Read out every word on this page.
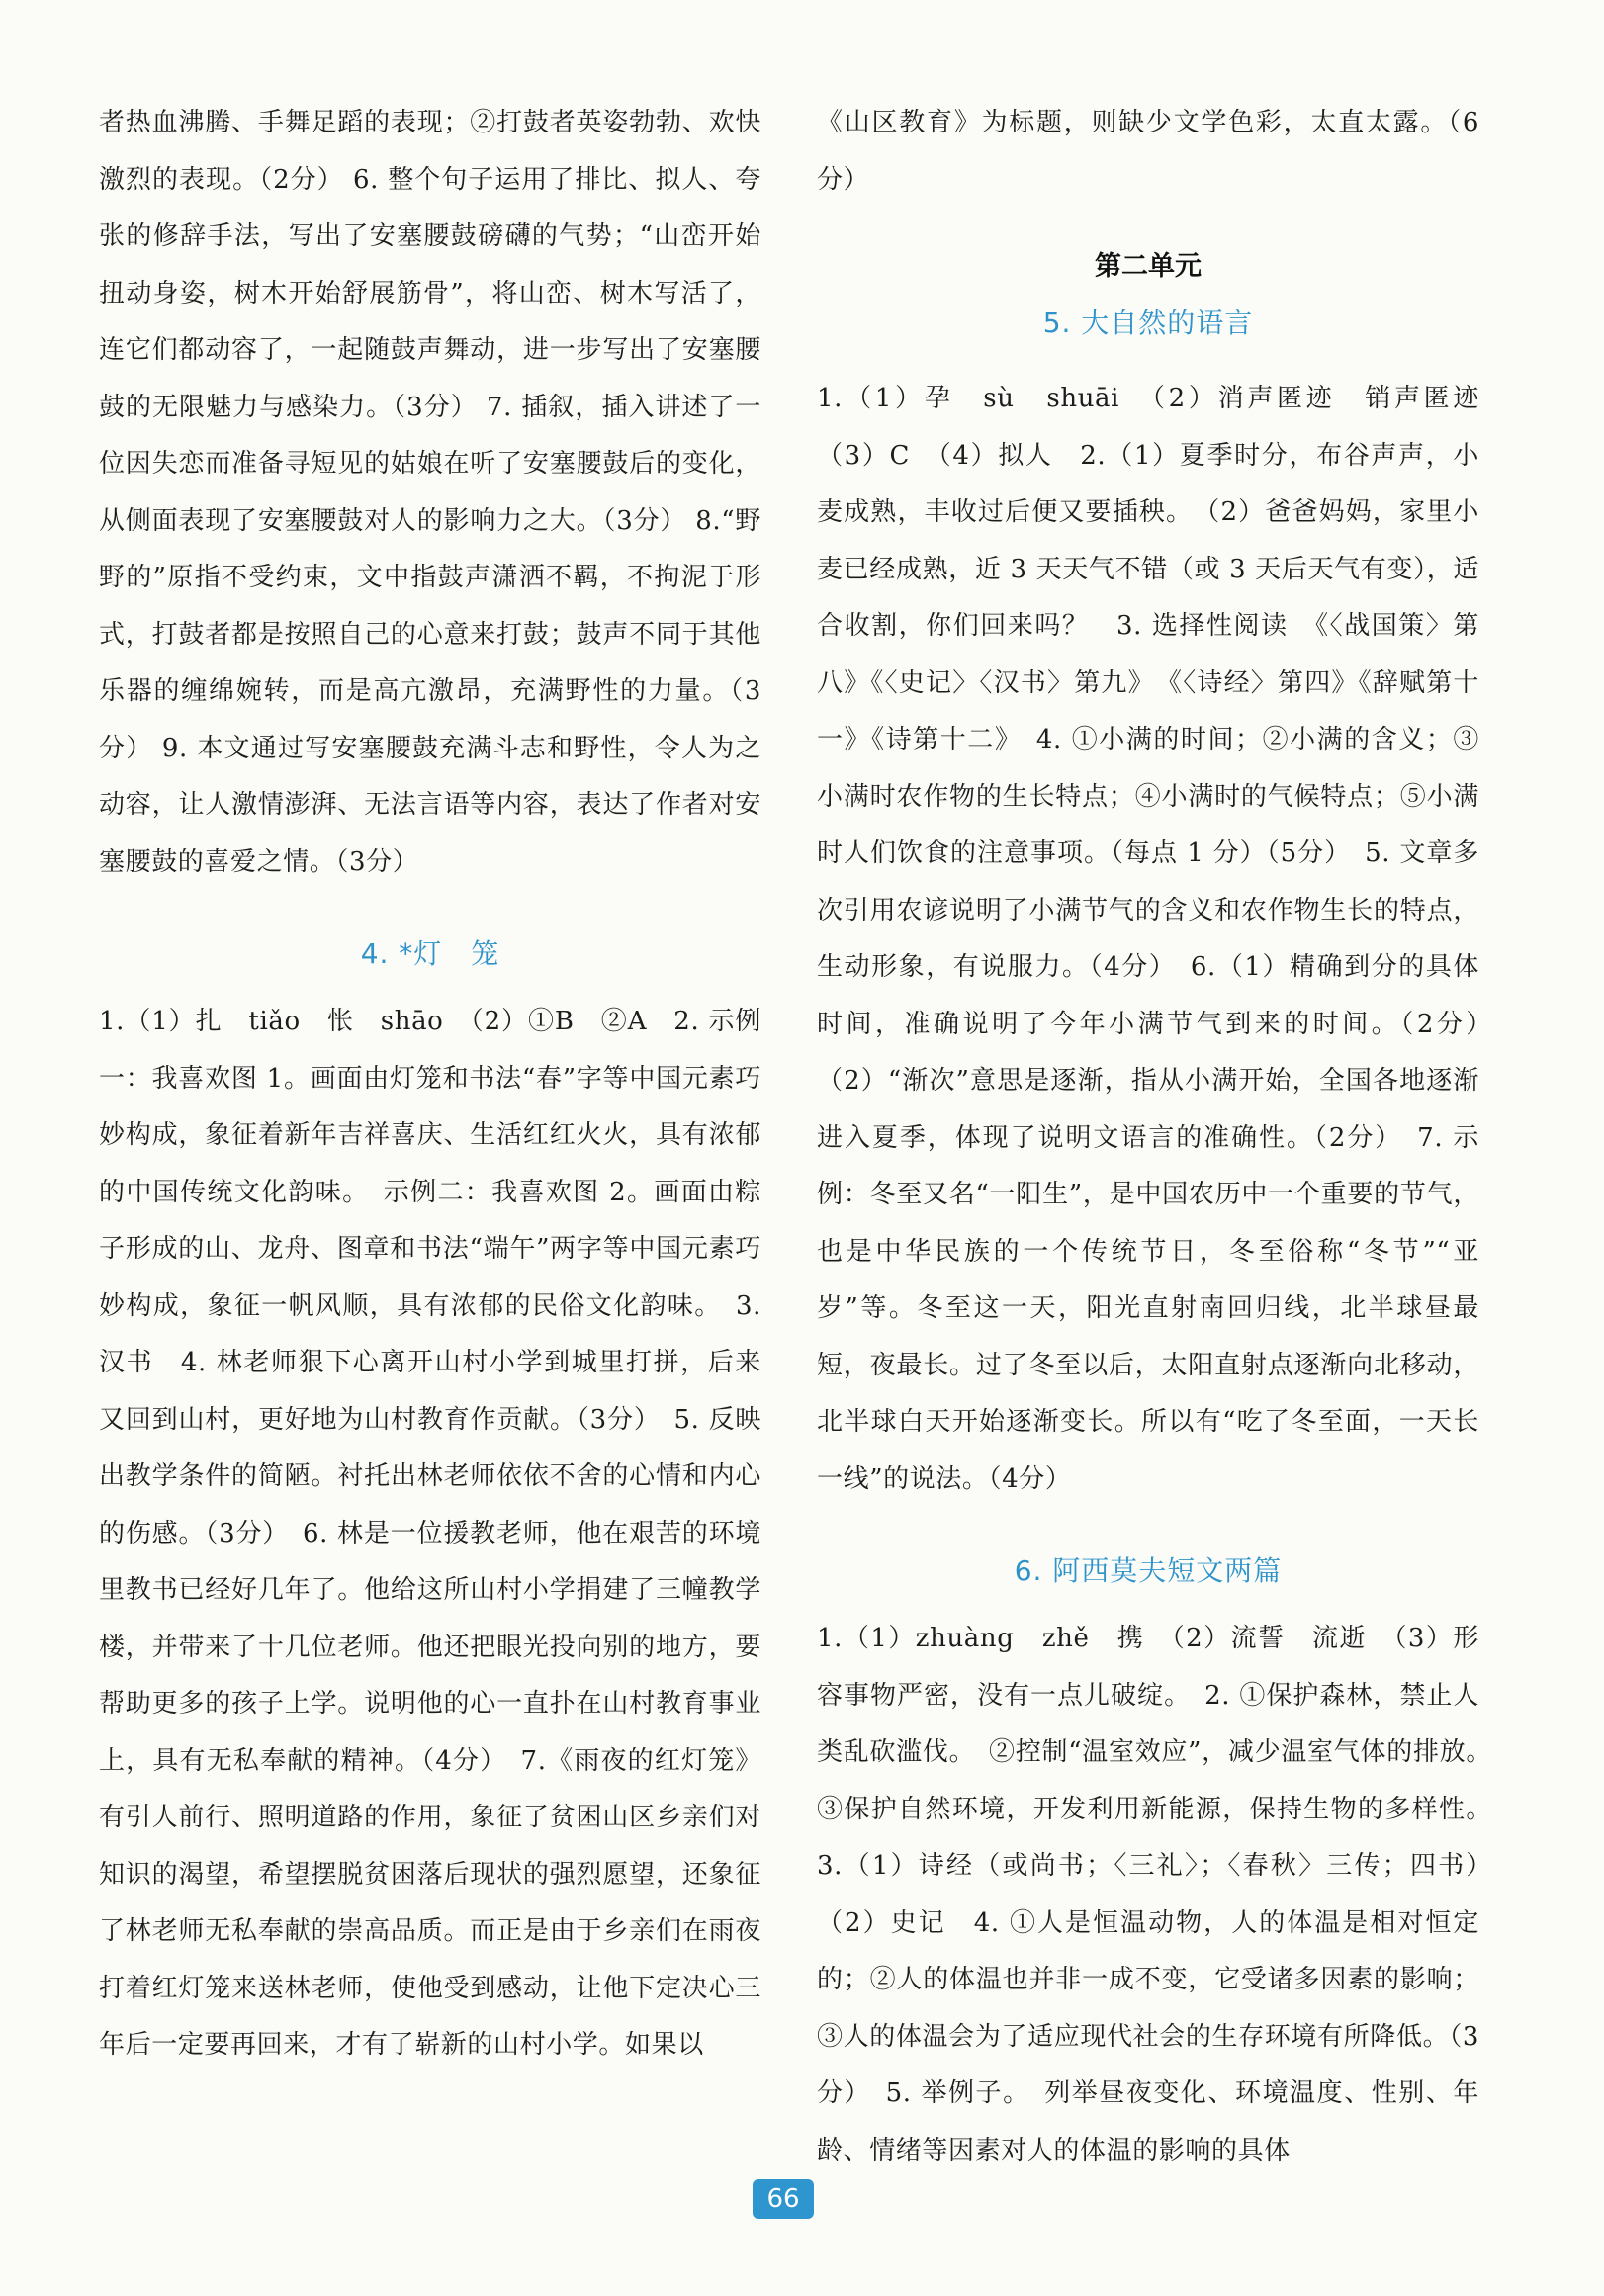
者热血沸腾、手舞足蹈的表现；②打鼓者英姿勃勃、欢快激烈的表现。（2分） 6. 整个句子运用了排比、拟人、夸张的修辞手法，写出了安塞腰鼓磅礴的气势；“山峦开始扭动身姿，树木开始舒展筋骨”，将山峦、树木写活了，连它们都动容了，一起随鼓声舞动，进一步写出了安塞腰鼓的无限魅力与感染力。（3分） 7. 插叙，插入讲述了一位因失恋而准备寻短见的姑娘在听了安塞腰鼓后的变化，从侧面表现了安塞腰鼓对人的影响力之大。（3分） 8.“野野的”原指不受约束，文中指鼓声潇洒不羁，不拘泥于形式，打鼓者都是按照自己的心意来打鼓；鼓声不同于其他乐器的缠绵婉转，而是高亢激昂，充满野性的力量。（3分） 9. 本文通过写安塞腰鼓充满斗志和野性，令人为之动容，让人激情澎湃、无法言语等内容，表达了作者对安塞腰鼓的喜爱之情。（3分）

4. *灯　笼

1.（1）扎　tiǎo　怅　shāo　（2）①B　②A　2. 示例一：我喜欢图 1。画面由灯笼和书法“春”字等中国元素巧妙构成，象征着新年吉祥喜庆、生活红红火火，具有浓郁的中国传统文化韵味。　示例二：我喜欢图 2。画面由粽子形成的山、龙舟、图章和书法“端午”两字等中国元素巧妙构成，象征一帆风顺，具有浓郁的民俗文化韵味。　3. 汉书　4. 林老师狠下心离开山村小学到城里打拼，后来又回到山村，更好地为山村教育作贡献。（3分）　5. 反映出教学条件的简陋。衬托出林老师依依不舍的心情和内心的伤感。（3分）　6. 林是一位援教老师，他在艰苦的环境里教书已经好几年了。他给这所山村小学捐建了三幢教学楼，并带来了十几位老师。他还把眼光投向别的地方，要帮助更多的孩子上学。说明他的心一直扑在山村教育事业上，具有无私奉献的精神。（4分）　7.《雨夜的红灯笼》有引人前行、照明道路的作用，象征了贫困山区乡亲们对知识的渴望，希望摆脱贫困落后现状的强烈愿望，还象征了林老师无私奉献的崇高品质。而正是由于乡亲们在雨夜打着红灯笼来送林老师，使他受到感动，让他下定决心三年后一定要再回来，才有了崭新的山村小学。如果以

《山区教育》为标题，则缺少文学色彩，太直太露。（6分）

第二单元
5. 大自然的语言

1.（1）孕　sù　shuāi　（2）消声匿迹　销声匿迹　（3）C　（4）拟人　2.（1）夏季时分，布谷声声，小麦成熟，丰收过后便又要插秧。　（2）爸爸妈妈，家里小麦已经成熟，近 3 天天气不错（或 3 天后天气有变），适合收割，你们回来吗？　3. 选择性阅读　《〈战国策〉第八》《〈史记〉〈汉书〉第九》　《〈诗经〉第四》《辞赋第十一》《诗第十二》　4. ①小满的时间；②小满的含义；③小满时农作物的生长特点；④小满时的气候特点；⑤小满时人们饮食的注意事项。（每点 1 分）（5分）　5. 文章多次引用农谚说明了小满节气的含义和农作物生长的特点，生动形象，有说服力。（4分）　6.（1）精确到分的具体时间，准确说明了今年小满节气到来的时间。（2分）　（2）“渐次”意思是逐渐，指从小满开始，全国各地逐渐进入夏季，体现了说明文语言的准确性。（2分）　7. 示例：冬至又名“一阳生”，是中国农历中一个重要的节气，也是中华民族的一个传统节日，冬至俗称“冬节”“亚岁”等。冬至这一天，阳光直射南回归线，北半球昼最短，夜最长。过了冬至以后，太阳直射点逐渐向北移动，北半球白天开始逐渐变长。所以有“吃了冬至面，一天长一线”的说法。（4分）

6. 阿西莫夫短文两篇

1.（1）zhuàng　zhě　携　（2）流誓　流逝　（3）形容事物严密，没有一点儿破绽。　2. ①保护森林，禁止人类乱砍滥伐。　②控制“温室效应”，减少温室气体的排放。　③保护自然环境，开发利用新能源，保持生物的多样性。　3.（1）诗经（或尚书；〈三礼〉；〈春秋〉三传；四书）　（2）史记　4. ①人是恒温动物，人的体温是相对恒定的；②人的体温也并非一成不变，它受诸多因素的影响；③人的体温会为了适应现代社会的生存环境有所降低。（3分）　5. 举例子。　列举昼夜变化、环境温度、性别、年龄、情绪等因素对人的体温的影响的具体

66
